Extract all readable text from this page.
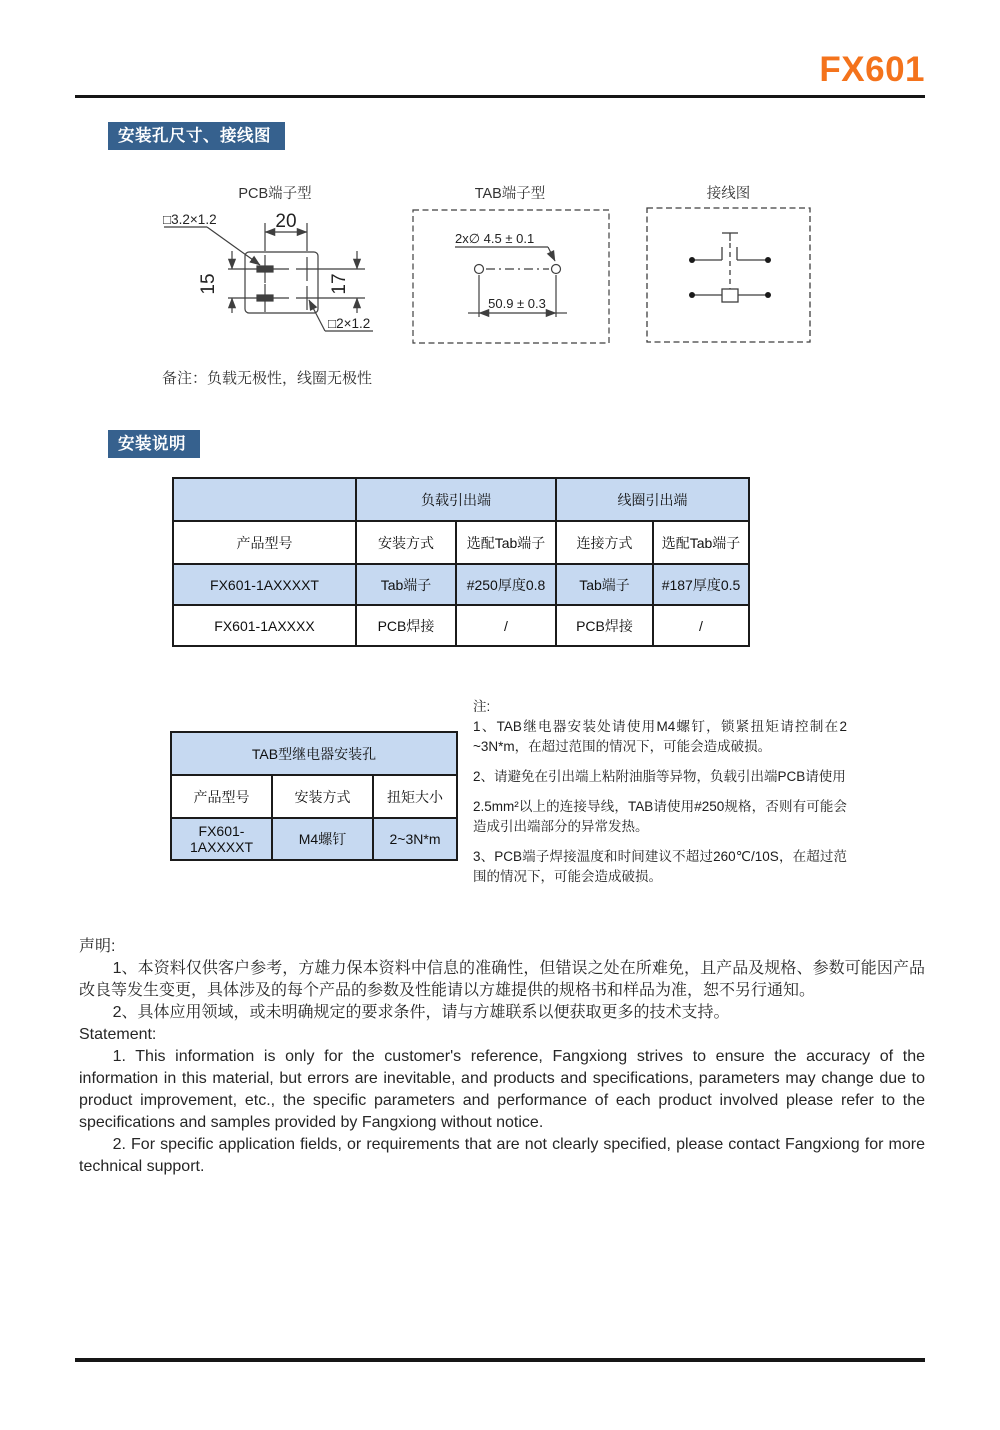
FX601
安装孔尺寸、接线图
PCB端子型	TAB端子型	接线图
20
15	17
□3.2×1.2
□2×1.2
2x∅ 4.5 ± 0.1
50.9 ± 0.3
备注：负载无极性，线圈无极性
安装说明
	负载引出端		线圈引出端	
产品型号	安装方式	选配Tab端子	连接方式	选配Tab端子
FX601-1AXXXXT	Tab端子	#250厚度0.8	Tab端子	#187厚度0.5
FX601-1AXXXX	PCB焊接	/	PCB焊接	/
TAB型继电器安装孔		
产品型号	安装方式	扭矩大小
FX601-1AXXXXT	M4螺钉	2~3N*m

注:

1、TAB继电器安装处请使用M4螺钉，锁紧扭矩请控制在2 ~3N*m，在超过范围的情况下，可能会造成破损。

2、请避免在引出端上粘附油脂等异物，负载引出端PCB请使用

2.5mm²以上的连接导线，TAB请使用#250规格，否则有可能会造成引出端部分的异常发热。

3、PCB端子焊接温度和时间建议不超过260℃/10S，在超过范围的情况下，可能会造成破损。

声明:

1、本资料仅供客户参考，方雄力保本资料中信息的准确性，但错误之处在所难免，且产品及规格、参数可能因产品改良等发生变更，具体涉及的每个产品的参数及性能请以方雄提供的规格书和样品为准，恕不另行通知。

2、具体应用领域，或未明确规定的要求条件，请与方雄联系以便获取更多的技术支持。

Statement:

1. This information is only for the customer's reference, Fangxiong strives to ensure the accuracy of the information in this material, but errors are inevitable, and products and specifications, parameters may change due to product improvement, etc., the specific parameters and performance of each product involved please refer to the specifications and samples provided by Fangxiong without notice.

2. For specific application fields, or requirements that are not clearly specified, please contact Fangxiong for more technical support.
